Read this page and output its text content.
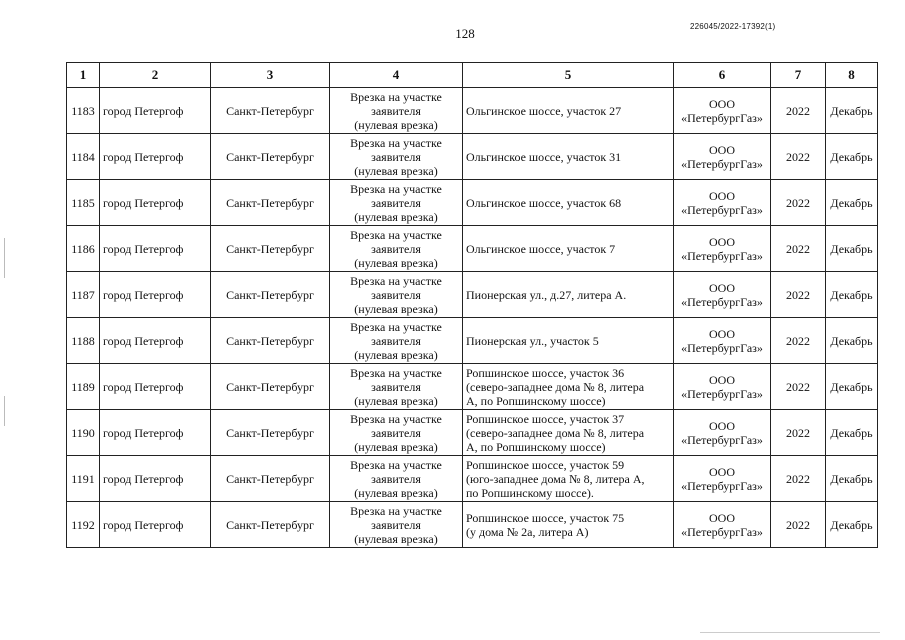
128	226045/2022-17392(1)
1	2	3	4	5	6	7	8
1183	город Петергоф	Санкт-Петербург	Врезка на участке
заявителя
(нулевая врезка)	Ольгинское шоссе, участок 27	ООО
«ПетербургГаз»	2022	Декабрь
1184	город Петергоф	Санкт-Петербург	Врезка на участке
заявителя
(нулевая врезка)	Ольгинское шоссе, участок 31	ООО
«ПетербургГаз»	2022	Декабрь
1185	город Петергоф	Санкт-Петербург	Врезка на участке
заявителя
(нулевая врезка)	Ольгинское шоссе, участок 68	ООО
«ПетербургГаз»	2022	Декабрь
1186	город Петергоф	Санкт-Петербург	Врезка на участке
заявителя
(нулевая врезка)	Ольгинское шоссе, участок 7	ООО
«ПетербургГаз»	2022	Декабрь
1187	город Петергоф	Санкт-Петербург	Врезка на участке
заявителя
(нулевая врезка)	Пионерская ул., д.27, литера А.	ООО
«ПетербургГаз»	2022	Декабрь
1188	город Петергоф	Санкт-Петербург	Врезка на участке
заявителя
(нулевая врезка)	Пионерская ул., участок 5	ООО
«ПетербургГаз»	2022	Декабрь
1189	город Петергоф	Санкт-Петербург	Врезка на участке
заявителя
(нулевая врезка)	Ропшинское шоссе, участок 36
(северо-западнее дома № 8, литера
А, по Ропшинскому шоссе)	ООО
«ПетербургГаз»	2022	Декабрь
1190	город Петергоф	Санкт-Петербург	Врезка на участке
заявителя
(нулевая врезка)	Ропшинское шоссе, участок 37
(северо-западнее дома № 8, литера
А, по Ропшинскому шоссе)	ООО
«ПетербургГаз»	2022	Декабрь
1191	город Петергоф	Санкт-Петербург	Врезка на участке
заявителя
(нулевая врезка)	Ропшинское шоссе, участок 59
(юго-западнее дома № 8, литера А,
по Ропшинскому шоссе).	ООО
«ПетербургГаз»	2022	Декабрь
1192	город Петергоф	Санкт-Петербург	Врезка на участке
заявителя
(нулевая врезка)	Ропшинское шоссе, участок 75
(у дома № 2а, литера А)	ООО
«ПетербургГаз»	2022	Декабрь
